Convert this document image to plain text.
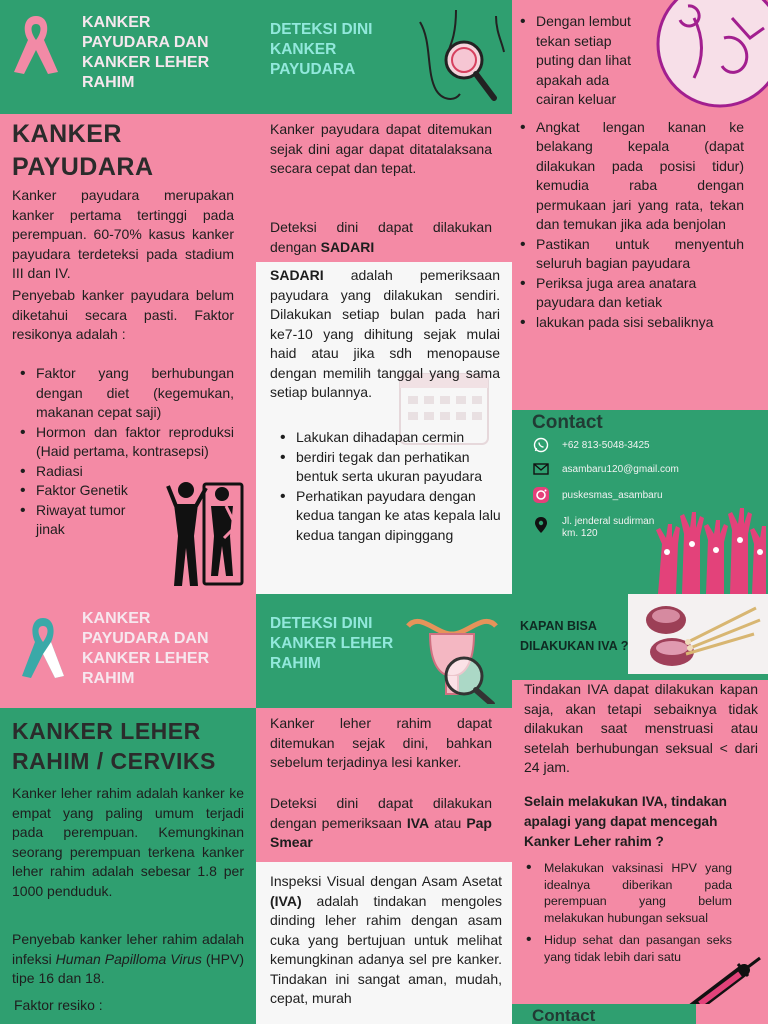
KANKER PAYUDARA DAN KANKER LEHER RAHIM
KANKER PAYUDARA
Kanker payudara merupakan kanker pertama tertinggi pada perempuan. 60-70% kasus kanker payudara terdeteksi pada stadium III dan IV.
Penyebab kanker payudara belum diketahui secara pasti. Faktor resikonya adalah :
• Faktor yang berhubungan dengan diet (kegemukan, makanan cepat saji)
• Hormon dan faktor reproduksi (Haid pertama, kontrasepsi)
• Radiasi
• Faktor Genetik
• Riwayat tumor jinak
DETEKSI DINI KANKER PAYUDARA
Kanker payudara dapat ditemukan sejak dini agar dapat ditatalaksana secara cepat dan tepat.
Deteksi dini dapat dilakukan dengan SADARI
SADARI adalah pemeriksaan payudara yang dilakukan sendiri. Dilakukan setiap bulan pada hari ke7-10 yang dihitung sejak mulai haid atau jika sdh menopause dengan memilih tanggal yang sama setiap bulannya.
• Lakukan dihadapan cermin
• berdiri tegak dan perhatikan bentuk serta ukuran payudara
• Perhatikan payudara dengan kedua tangan ke atas kepala lalu kedua tangan dipinggang
• Dengan lembut tekan setiap puting dan lihat apakah ada cairan keluar
• Angkat lengan kanan ke belakang kepala (dapat dilakukan pada posisi tidur) kemudia raba dengan permukaan jari yang rata, tekan dan temukan jika ada benjolan
• Pastikan untuk menyentuh seluruh bagian payudara
• Periksa juga area anatara payudara dan ketiak
• lakukan pada sisi sebaliknya
Contact
+62 813-5048-3425
asambaru120@gmail.com
puskesmas_asambaru
Jl. jenderal sudirman km. 120
KANKER PAYUDARA DAN KANKER LEHER RAHIM
KANKER LEHER RAHIM / CERVIKS
Kanker leher rahim adalah kanker ke empat yang paling umum terjadi pada perempuan. Kemungkinan seorang perempuan terkena kanker leher rahim adalah sebesar 1.8 per 1000 penduduk.
Penyebab kanker leher rahim adalah infeksi Human Papilloma Virus (HPV) tipe 16 dan 18.
Faktor resiko :
DETEKSI DINI KANKER LEHER RAHIM
Kanker leher rahim dapat ditemukan sejak dini, bahkan sebelum terjadinya lesi kanker.
Deteksi dini dapat dilakukan dengan pemeriksaan IVA atau Pap Smear
Inspeksi Visual dengan Asam Asetat (IVA) adalah tindakan mengoles dinding leher rahim dengan asam cuka yang bertujuan untuk melihat kemungkinan adanya sel pre kanker. Tindakan ini sangat aman, mudah, cepat, murah
KAPAN BISA DILAKUKAN IVA ?
Tindakan IVA dapat dilakukan kapan saja, akan tetapi sebaiknya tidak dilakukan saat menstruasi atau setelah berhubungan seksual < dari 24 jam.
Selain melakukan IVA, tindakan apalagi yang dapat mencegah Kanker Leher rahim ?
• Melakukan vaksinasi HPV yang idealnya diberikan pada perempuan yang belum melakukan hubungan seksual
• Hidup sehat dan pasangan seks yang tidak lebih dari satu
Contact
